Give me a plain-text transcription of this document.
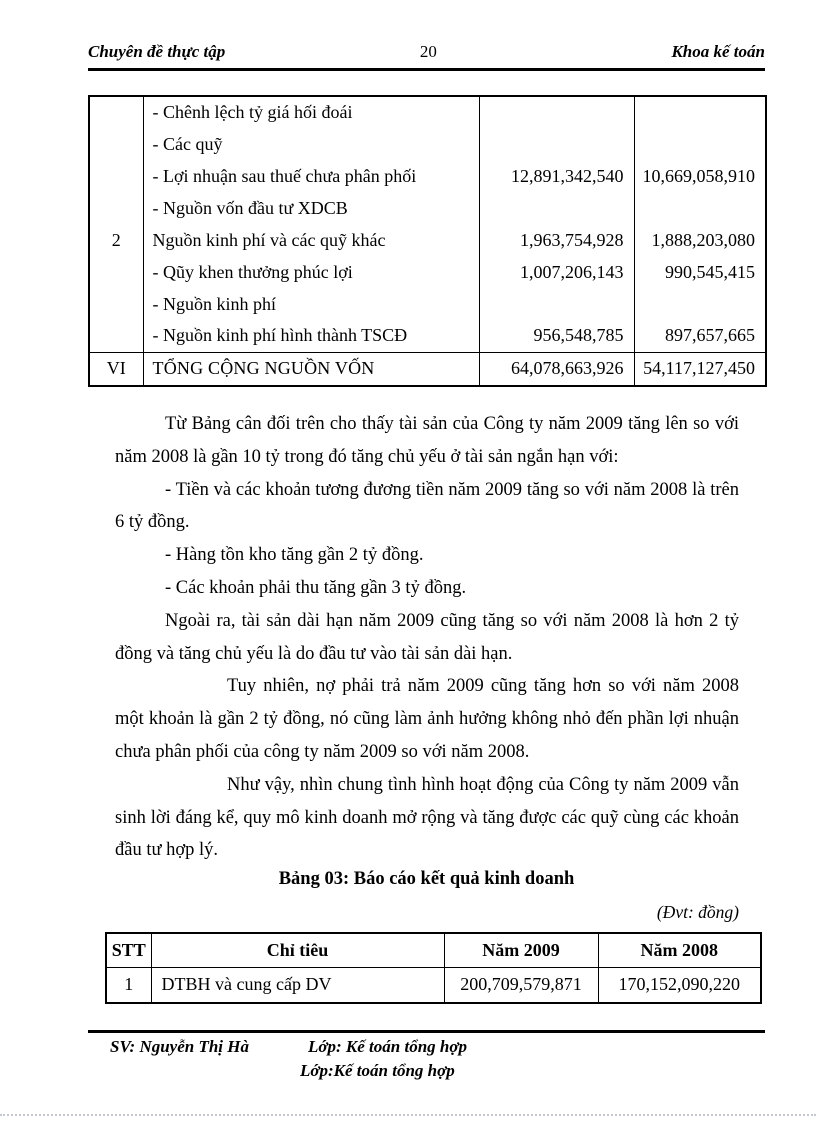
Chuyên đề thực tập	20	Khoa kế toán
	- Chênh lệch tỷ giá hối đoái		
	- Các quỹ		
	- Lợi nhuận sau thuế chưa phân phối	12,891,342,540	10,669,058,910
	- Nguồn vốn đầu tư XDCB		
2	Nguồn kinh phí và các quỹ khác	1,963,754,928	1,888,203,080
	- Qũy khen thưởng phúc lợi	1,007,206,143	990,545,415
	- Nguồn kinh phí		
	- Nguồn kinh phí hình thành TSCĐ	956,548,785	897,657,665
VI	TỔNG CỘNG NGUỒN VỐN	64,078,663,926	54,117,127,450

Từ Bảng cân đối trên cho thấy tài sản của Công ty năm 2009 tăng lên so với năm 2008 là gần 10 tỷ trong đó tăng chủ yếu ở tài sản ngắn hạn với:

- Tiền và các khoản tương đương tiền năm 2009 tăng so với năm 2008 là trên 6 tỷ đồng.

- Hàng tồn kho tăng gần 2 tỷ đồng.

- Các khoản phải thu tăng gần 3 tỷ đồng.

Ngoài ra, tài sản dài hạn năm 2009 cũng tăng so với năm 2008 là hơn 2 tỷ đồng và tăng chủ yếu là do đầu tư vào tài sản dài hạn.

Tuy nhiên, nợ phải trả năm 2009 cũng tăng hơn so với năm 2008 một khoản là gần 2 tỷ đồng, nó cũng làm ảnh hưởng không nhỏ đến phần lợi nhuận chưa phân phối của công ty năm 2009 so với năm 2008.

Như vậy, nhìn chung tình hình hoạt động của Công ty năm 2009 vẫn sinh lời đáng kể, quy mô kinh doanh mở rộng và tăng được các quỹ cùng các khoản đầu tư hợp lý.

Bảng 03: Báo cáo kết quả kinh doanh
(Đvt: đồng)
STT	Chỉ tiêu	Năm 2009	Năm 2008
1	DTBH và cung cấp DV	200,709,579,871	170,152,090,220
SV: Nguyễn Thị Hà	Lớp: Kế toán tổng hợp
Lớp:Kế toán tổng hợp
